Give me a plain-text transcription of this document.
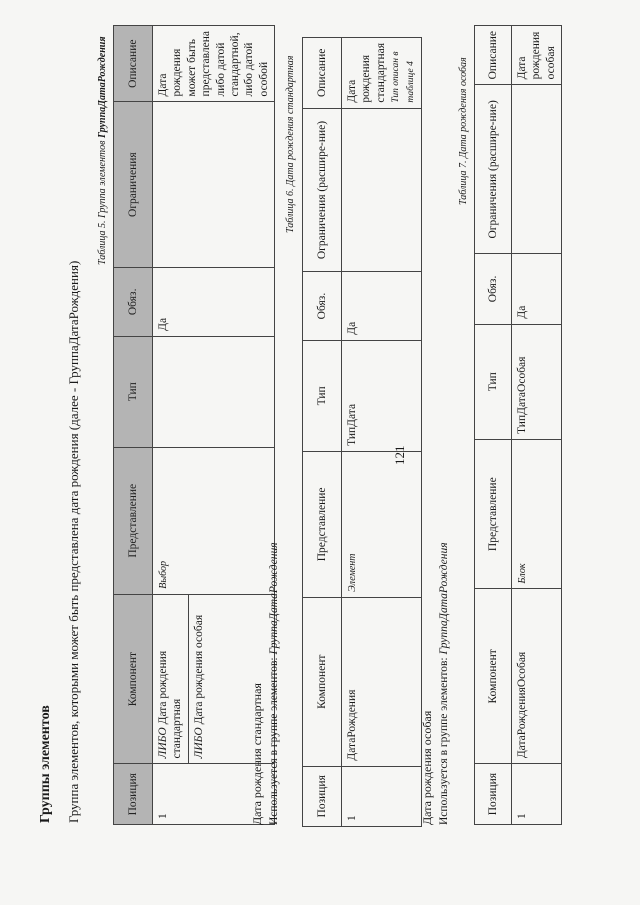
121
Группы элементов Группа элементов, которыми может быть представлена дата рождения (далее - ГруппаДатаРождения)
Таблица 5. Группа элементов ГруппаДатаРождения
Позиция	Компонент	Представление	Тип	Обяз.	Ограничения	Описание
1	ЛИБО Дата рождения стандартная ЛИБО Дата рождения особая	Выбор		Да		Дата рождения может быть представлена либо датой стандартной, либо датой особой
Дата рождения стандартная Используется в группе элементов: ГруппаДатаРождения
Таблица 6. Дата рождения стандартная
Позиция	Компонент	Представление	Тип	Обяз.	Ограничения (расшире-ние)	Описание
1	ДатаРождения	Элемент	ТипДата	Да		Дата рождения стандартная Тип описан в таблице 4
Дата рождения особая Используется в группе элементов: ГруппаДатаРождения
Таблица 7. Дата рождения особая
Позиция	Компонент	Представление	Тип	Обяз.	Ограничения (расшире-ние)	Описание
1	ДатаРожденияОсобая	Блок	ТипДатаОсобая	Да		Дата рождения особая
